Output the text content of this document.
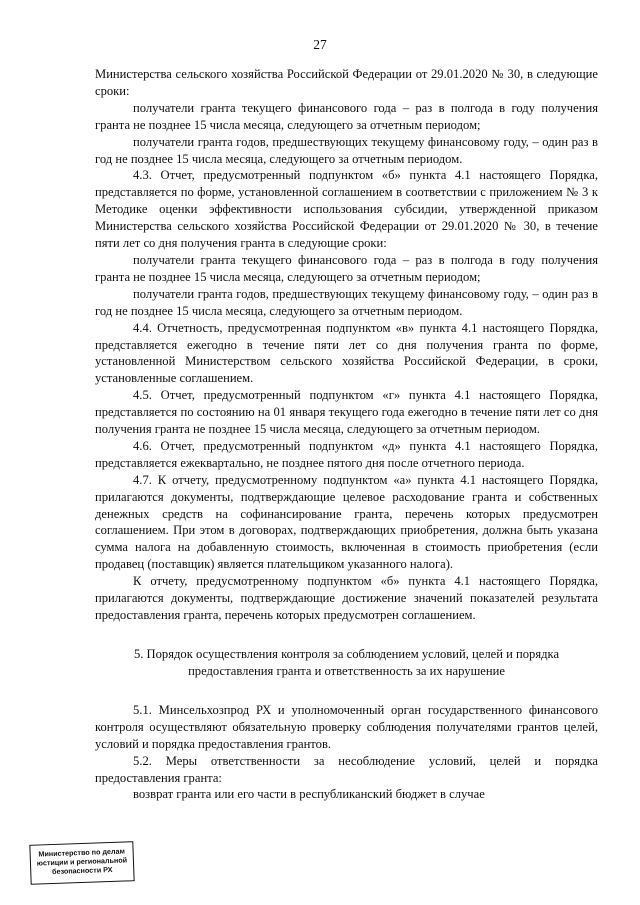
27

Министерства сельского хозяйства Российской Федерации от 29.01.2020 № 30, в следующие сроки:

получатели гранта текущего финансового года – раз в полгода в году получения гранта не позднее 15 числа месяца, следующего за отчетным периодом;

получатели гранта годов, предшествующих текущему финансовому году, – один раз в год не позднее 15 числа месяца, следующего за отчетным периодом.

4.3. Отчет, предусмотренный подпунктом «б» пункта 4.1 настоящего Порядка, представляется по форме, установленной соглашением в соответствии с приложением № 3 к Методике оценки эффективности использования субсидии, утвержденной приказом Министерства сельского хозяйства Российской Федерации от 29.01.2020 № 30, в течение пяти лет со дня получения гранта в следующие сроки:

получатели гранта текущего финансового года – раз в полгода в году получения гранта не позднее 15 числа месяца, следующего за отчетным периодом;

получатели гранта годов, предшествующих текущему финансовому году, – один раз в год не позднее 15 числа месяца, следующего за отчетным периодом.

4.4. Отчетность, предусмотренная подпунктом «в» пункта 4.1 настоящего Порядка, представляется ежегодно в течение пяти лет со дня получения гранта по форме, установленной Министерством сельского хозяйства Российской Федерации, в сроки, установленные соглашением.

4.5. Отчет, предусмотренный подпунктом «г» пункта 4.1 настоящего Порядка, представляется по состоянию на 01 января текущего года ежегодно в течение пяти лет со дня получения гранта не позднее 15 числа месяца, следующего за отчетным периодом.

4.6. Отчет, предусмотренный подпунктом «д» пункта 4.1 настоящего Порядка, представляется ежеквартально, не позднее пятого дня после отчетного периода.

4.7. К отчету, предусмотренному подпунктом «а» пункта 4.1 настоящего Порядка, прилагаются документы, подтверждающие целевое расходование гранта и собственных денежных средств на софинансирование гранта, перечень которых предусмотрен соглашением. При этом в договорах, подтверждающих приобретения, должна быть указана сумма налога на добавленную стоимость, включенная в стоимость приобретения (если продавец (поставщик) является плательщиком указанного налога).

К отчету, предусмотренному подпунктом «б» пункта 4.1 настоящего Порядка, прилагаются документы, подтверждающие достижение значений показателей результата предоставления гранта, перечень которых предусмотрен соглашением.

5. Порядок осуществления контроля за соблюдением условий, целей и порядка предоставления гранта и ответственность за их нарушение

5.1. Минсельхозпрод РХ и уполномоченный орган государственного финансового контроля осуществляют обязательную проверку соблюдения получателями грантов целей, условий и порядка предоставления грантов.

5.2. Меры ответственности за несоблюдение условий, целей и порядка предоставления гранта:

возврат гранта или его части в республиканский бюджет в случае

Министерство по делам
юстиции и региональной
безопасности РХ
